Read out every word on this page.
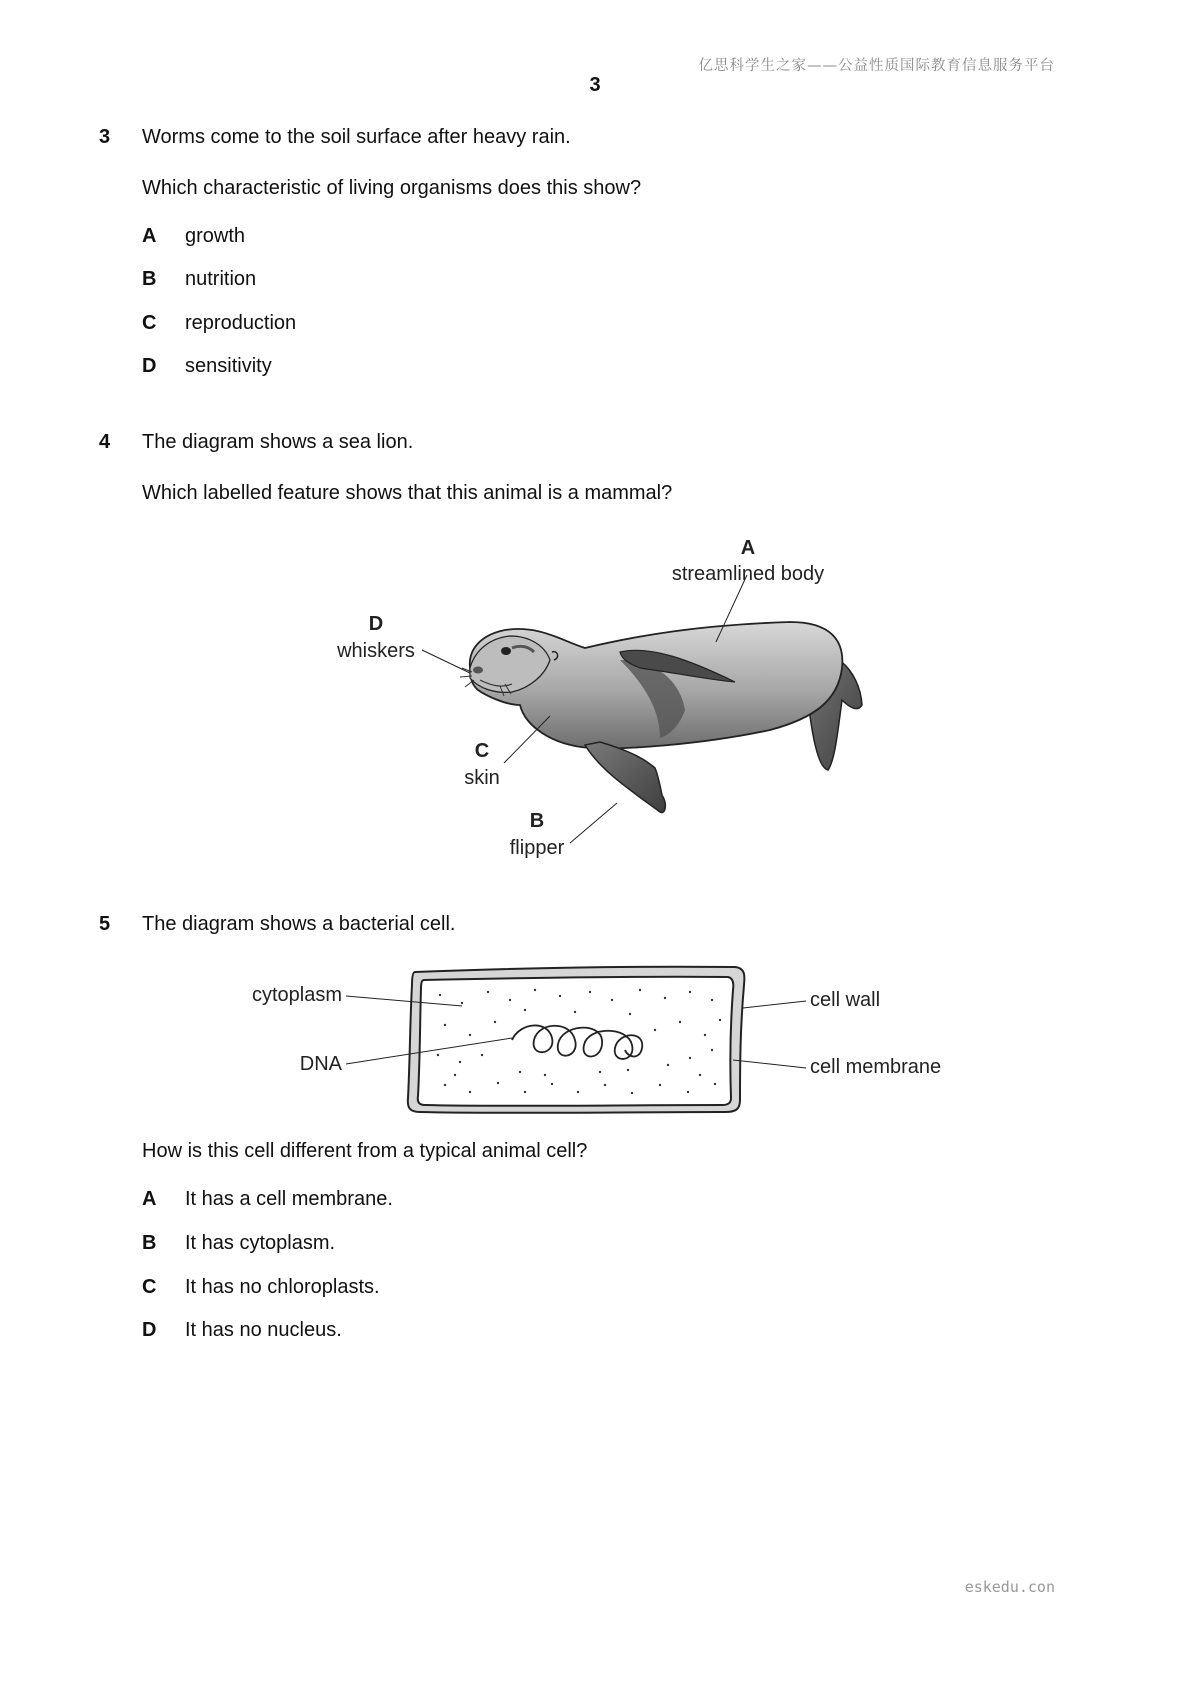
亿思科学生之家——公益性质国际教育信息服务平台
3
3 Worms come to the soil surface after heavy rain.
Which characteristic of living organisms does this show?
A growth
B nutrition
C reproduction
D sensitivity
4 The diagram shows a sea lion.
Which labelled feature shows that this animal is a mammal?
A
streamlined body
D
whiskers
C
skin
B
flipper
5 The diagram shows a bacterial cell.
cytoplasm
DNA
cell wall
cell membrane
How is this cell different from a typical animal cell?
A It has a cell membrane.
B It has cytoplasm.
C It has no chloroplasts.
D It has no nucleus.
eskedu.con
